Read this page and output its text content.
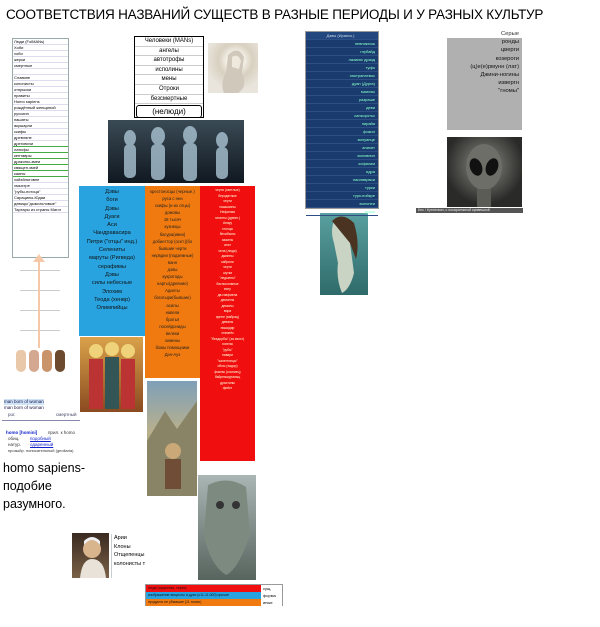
СООТВЕТСТВИЯ НАЗВАНИЙ СУЩЕСТВ В РАЗНЫЕ ПЕРИОДЫ И У РАЗНЫХ КУЛЬТУР
Люди (FolMANs)
Хоби
хоби
жерки
смертные
Славяне
колонисты
отпрыски
правиты
Homo sapiens
рождённый женщиной
руссиин
пашаты
акушарли
скифы
древляне
дреговичи
латифы
кентавры
драконы-змеи
священ.змей
каины
хойэйльтовне
хмыхтре
"рубы-потоца"
Сарацины-Юдаи
девицы"дымоголовые"
Тартары из страны Магог
man born of woman
man born of woman
pur.	смертный
homo [homini] прил. к homo
обиц. подобный
натур. одаренный
прозыйр. пописательный (geoliaria)
homo sapiens-
подобие
разумного.
Человеки (MANs)
ангелы
автотрофы
исполины
мены
Отроки
безсмертные
(нелюди)
Бес / Кутлехвон, с посаропчиной кривешкой
Дэвы
боги
Дэвы
Дуаги
Аси
Чандравасира
Питри ("отцы" инд.)
Селениты
маруты (Ригведа)
серафимы
Дэвы
силы небесные
Элохим
Теода (хенвр)
Олимпийцы
крестоносцы (черные.)
руса с неи
скифы (и их отцы)
домовы
18 тысяч
кузнецы
басура(ивни)
добиеттор (осет.)(бо
бывшие черти
нервдни (подземные)
ванн
дэвы
кукротоды
нарты(древние)
Адинты
богатыри(бывшие)
асилы
навели
братья
посейдониды
велеки
химены
божы помощники
Дэн-Ауэ
черти (светлые)
беродятные
черти
хашшахны
Нефилим
гиганты (древн.)
Анауу
хтонцы
бесибыны
азаилы
ахят
чела (люди)
джинны
каброни
черти
шутки
"ледыены"
баснословные
вату
дв-гивфиела
демонты
демоны
вира
ярнне (вабрац)
деваны
нишадир
хтамеёк
"беадорбы" (за хвост)
хохелы
"рубы"
навари
"калегтинцы"
облы (эадор)
фаины (сосниец)
байрехкидтаныц
драстины
фиёкт
Дзвы (Иранск.)
невникхиш
глубайд
лазикнс дразд
туфо
хаотранхевос
дуан (Дурга)
маихэы
разраше
деви
санкоротьс
пирайа
фокил
волуанце
анихит
волхвнил
кофисим
ядра
паиляврвои
турки
турк-пойкре
волонеи
дурки
Серые
ронды
цверги
козероги
(ц)е(е)рмунн (лат)
Джини-ногины
извергн
"гномы"
Арии
Клоны
Отщепенцы
колонисты т
люди (существа, черти)	сущ.
изображение вещесты и духи (с11-11:000) прочие	форма
продукты не убывшие (11 тысяч)	иные
